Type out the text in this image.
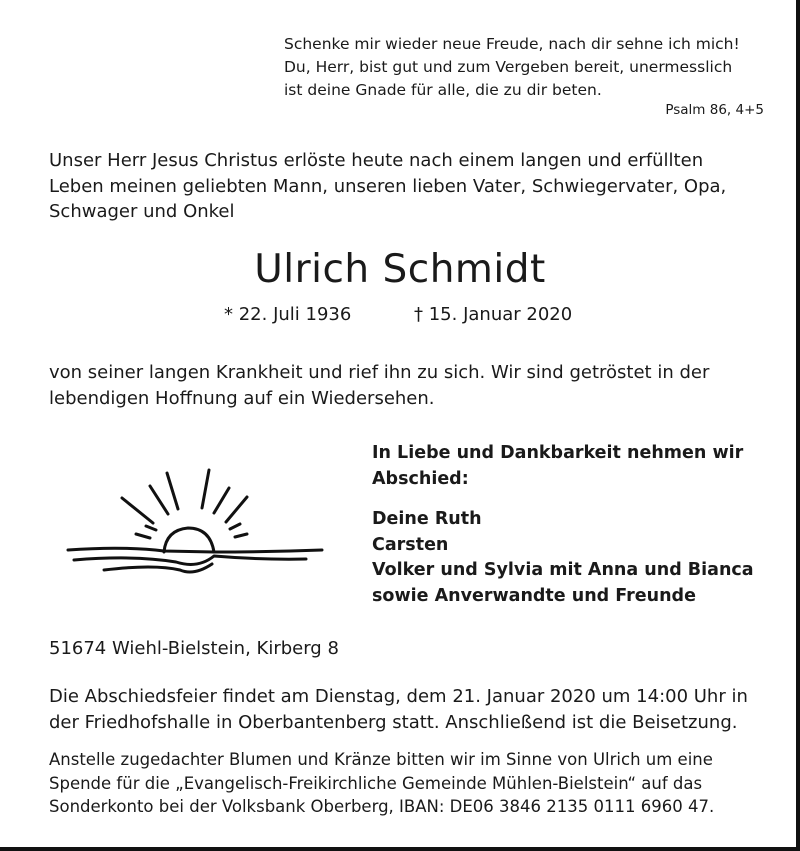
Schenke mir wieder neue Freude, nach dir sehne ich mich!
Du, Herr, bist gut und zum Vergeben bereit, unermesslich
ist deine Gnade für alle, die zu dir beten.

Psalm 86, 4+5

Unser Herr Jesus Christus erlöste heute nach einem langen und erfüllten
Leben meinen geliebten Mann, unseren lieben Vater, Schwiegervater, Opa,
Schwager und Onkel

Ulrich Schmidt

* 22. Juli 1936	† 15. Januar 2020

von seiner langen Krankheit und rief ihn zu sich. Wir sind getröstet in der
lebendigen Hoffnung auf ein Wiedersehen.

In Liebe und Dankbarkeit nehmen wir
Abschied:

Deine Ruth
Carsten
Volker und Sylvia mit Anna und Bianca
sowie Anverwandte und Freunde

51674 Wiehl-Bielstein, Kirberg 8

Die Abschiedsfeier findet am Dienstag, dem 21. Januar 2020 um 14:00 Uhr in
der Friedhofshalle in Oberbantenberg statt. Anschließend ist die Beisetzung.

Anstelle zugedachter Blumen und Kränze bitten wir im Sinne von Ulrich um eine
Spende für die „Evangelisch-Freikirchliche Gemeinde Mühlen-Bielstein“ auf das
Sonderkonto bei der Volksbank Oberberg, IBAN: DE06 3846 2135 0111 6960 47.
